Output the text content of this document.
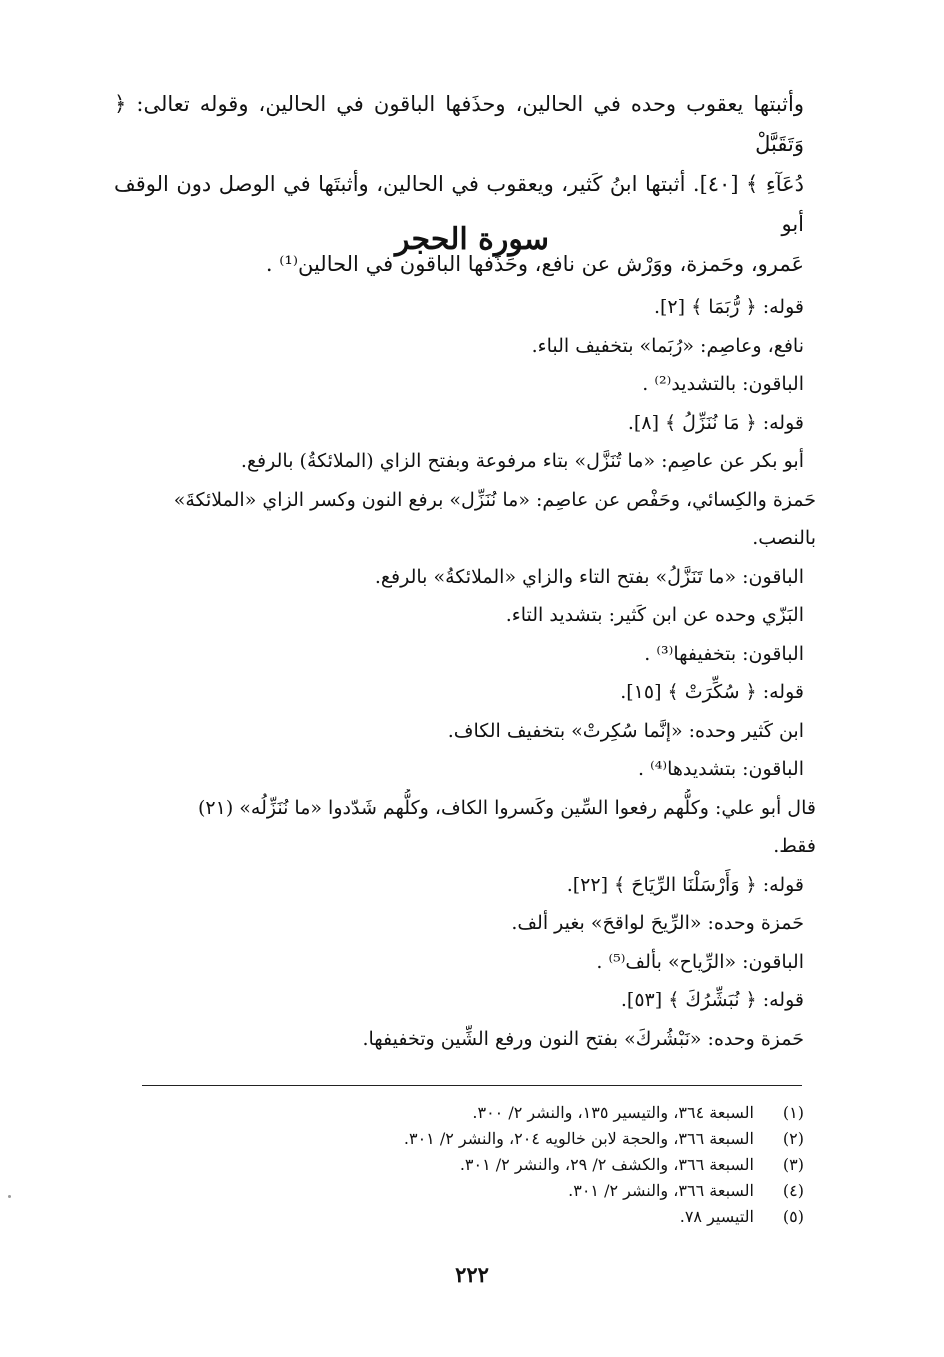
وأثبتها يعقوب وحده في الحالين، وحذَفها الباقون في الحالين، وقوله تعالى: ﴿ وَتَقَبَّلْ

دُعَآءِ ﴾ [٤٠]. أثبتها ابنُ كَثير، ويعقوب في الحالين، وأثبتَها في الوصل دون الوقف أبو

عَمرو، وحَمزة، ووَرْش عن نافع، وحَذَفها الباقون في الحالين⁽¹⁾ .

سورة الحجر
قوله: ﴿ رُّبَمَا ﴾ [٢].
نافع، وعاصِم: «رُبَما» بتخفيف الباء.
الباقون: بالتشديد⁽²⁾ .
قوله: ﴿ مَا نُنَزِّلُ ﴾ [٨].
أبو بكر عن عاصِم: «ما تُنَزَّل» بتاء مرفوعة وبفتح الزاي (الملائكةُ) بالرفع.
حَمزة والكِسائي، وحَفْص عن عاصِم: «ما نُنَزِّل» برفع النون وكسر الزاي «الملائكةَ»
بالنصب.
الباقون: «ما تَنَزَّلُ» بفتح التاء والزاي «الملائكةُ» بالرفع.
البَزّي وحده عن ابن كَثير: بتشديد التاء.
الباقون: بتخفيفها⁽³⁾ .
قوله: ﴿ سُكِّرَتْ ﴾ [١٥].
ابن كَثير وحده: «إنَّما سُكِرتْ» بتخفيف الكاف.
الباقون: بتشديدها⁽⁴⁾ .
قال أبو علي: وكلُّهم رفعوا السِّين وكَسروا الكاف، وكلُّهم شَدّدوا «ما نُنَزِّلُه» (٢١)
فقط.
قوله: ﴿ وَأَرْسَلْنَا الرِّيَاحَ ﴾ [٢٢].
حَمزة وحده: «الرِّيحَ لواقحَ» بغير ألف.
الباقون: «الرِّياح» بألف⁽⁵⁾ .
قوله: ﴿ نُبَشِّرُكَ ﴾ [٥٣].
حَمزة وحده: «نَبْشُركَ» بفتح النون ورفع الشِّين وتخفيفها.
(١)
السبعة ٣٦٤، والتيسير ١٣٥، والنشر ٢/ ٣٠٠.
(٢)
السبعة ٣٦٦، والحجة لابن خالويه ٢٠٤، والنشر ٢/ ٣٠١.
(٣)
السبعة ٣٦٦، والكشف ٢/ ٢٩، والنشر ٢/ ٣٠١.
(٤)
السبعة ٣٦٦، والنشر ٢/ ٣٠١.
(٥)
التيسير ٧٨.
٢٢٢
